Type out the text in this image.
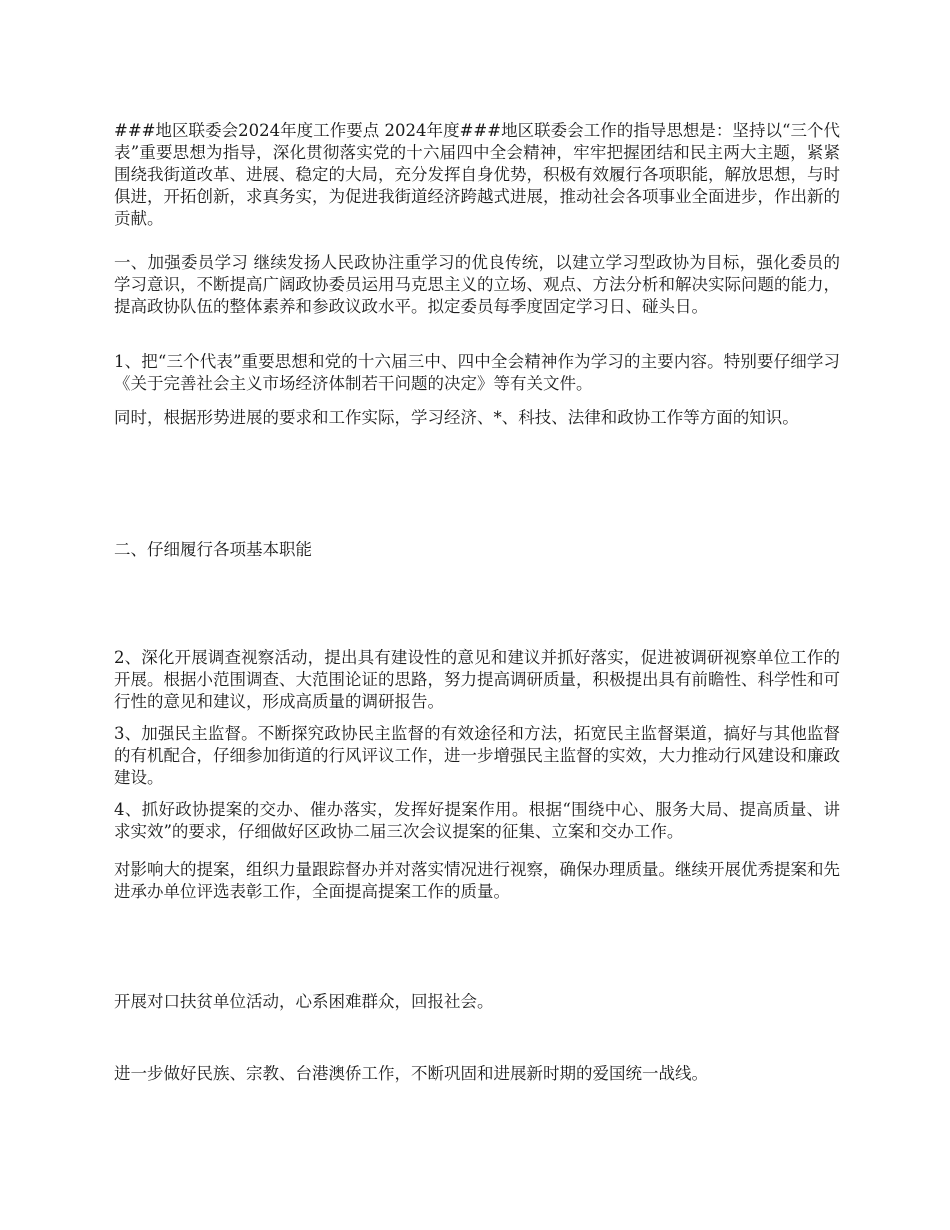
###地区联委会2024年度工作要点 2024年度###地区联委会工作的指导思想是：坚持以“三个代表”重要思想为指导，深化贯彻落实党的十六届四中全会精神，牢牢把握团结和民主两大主题，紧紧围绕我街道改革、进展、稳定的大局，充分发挥自身优势，积极有效履行各项职能，解放思想，与时俱进，开拓创新，求真务实，为促进我街道经济跨越式进展，推动社会各项事业全面进步，作出新的贡献。

一、加强委员学习 继续发扬人民政协注重学习的优良传统，以建立学习型政协为目标，强化委员的学习意识，不断提高广阔政协委员运用马克思主义的立场、观点、方法分析和解决实际问题的能力，提高政协队伍的整体素养和参政议政水平。拟定委员每季度固定学习日、碰头日。

1、把“三个代表”重要思想和党的十六届三中、四中全会精神作为学习的主要内容。特别要仔细学习《关于完善社会主义市场经济体制若干问题的决定》等有关文件。

同时，根据形势进展的要求和工作实际，学习经济、*、科技、法律和政协工作等方面的知识。

二、仔细履行各项基本职能

2、深化开展调查视察活动，提出具有建设性的意见和建议并抓好落实，促进被调研视察单位工作的开展。根据小范围调查、大范围论证的思路，努力提高调研质量，积极提出具有前瞻性、科学性和可行性的意见和建议，形成高质量的调研报告。

3、加强民主监督。不断探究政协民主监督的有效途径和方法，拓宽民主监督渠道，搞好与其他监督的有机配合，仔细参加街道的行风评议工作，进一步增强民主监督的实效，大力推动行风建设和廉政建设。

4、抓好政协提案的交办、催办落实，发挥好提案作用。根据“围绕中心、服务大局、提高质量、讲求实效”的要求，仔细做好区政协二届三次会议提案的征集、立案和交办工作。

对影响大的提案，组织力量跟踪督办并对落实情况进行视察，确保办理质量。继续开展优秀提案和先进承办单位评选表彰工作，全面提高提案工作的质量。

开展对口扶贫单位活动，心系困难群众，回报社会。

进一步做好民族、宗教、台港澳侨工作，不断巩固和进展新时期的爱国统一战线。
